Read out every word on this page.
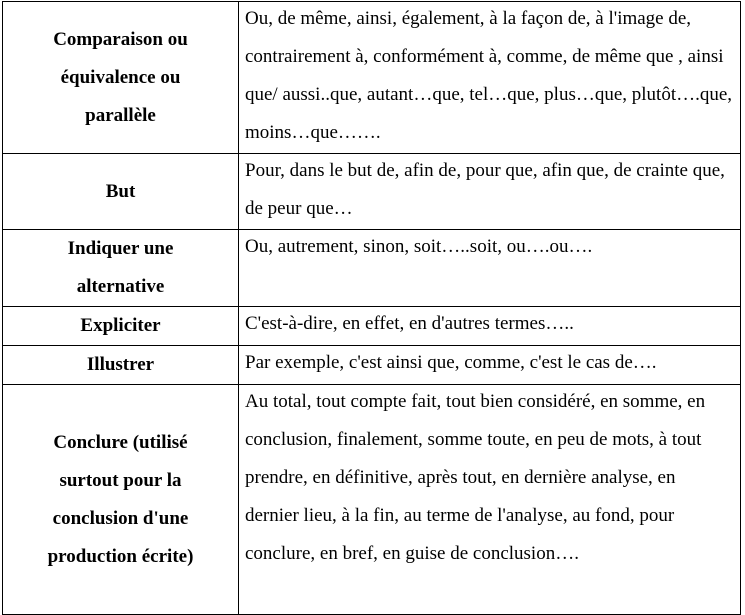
Comparaison ou équivalence ou parallèle	Ou, de même, ainsi, également, à la façon de, à l'image de, contrairement à, conformément à, comme, de même que , ainsi que/ aussi..que, autant…que, tel…que, plus…que, plutôt….que, moins…que…….

But	Pour, dans le but de, afin de, pour que, afin que, de crainte que, de peur que…

Indiquer une alternative	Ou, autrement, sinon, soit…..soit, ou….ou….

Expliciter	C'est-à-dire, en effet, en d'autres termes…..

Illustrer	Par exemple, c'est ainsi que, comme, c'est le cas de….

Conclure (utilisé surtout pour la conclusion d'une production écrite)	Au total, tout compte fait, tout bien considéré, en somme, en conclusion, finalement, somme toute, en peu de mots, à tout prendre, en définitive, après tout, en dernière analyse, en dernier lieu, à la fin, au terme de l'analyse, au fond, pour conclure, en bref, en guise de conclusion….
